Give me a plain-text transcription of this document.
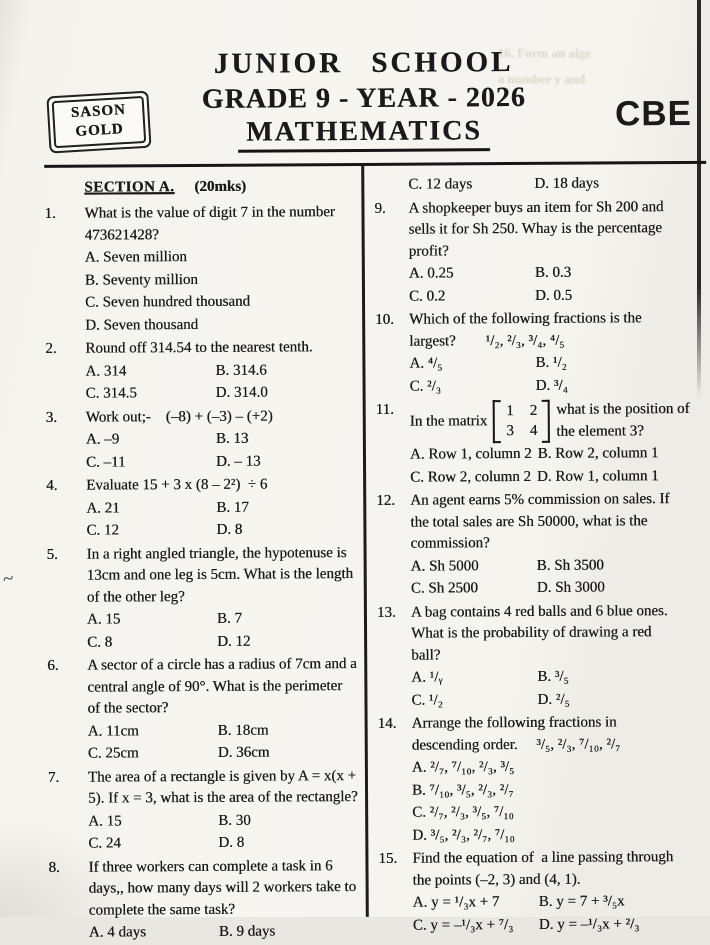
~
16. Form an alge
a number y and
SASON
GOLD
JUNIOR SCHOOL
GRADE 9 - YEAR - 2026
MATHEMATICS	CBE
SECTION A. (20mks)
1.	What is the value of digit 7 in the number
473621428?
A. Seven million
B. Seventy million
C. Seven hundred thousand
D. Seven thousand
2.	Round off 314.54 to the nearest tenth.
A. 314	B. 314.6
C. 314.5	D. 314.0
3.	Work out;-    (–8) + (–3) – (+2)
A. –9	B. 13
C. –11	D. – 13
4.	Evaluate 15 + 3 x (8 – 2²)  ÷ 6
A. 21	B. 17
C. 12	D. 8
5.	In a right angled triangle, the hypotenuse is
13cm and one leg is 5cm. What is the length
of the other leg?
A. 15	B. 7
C. 8	D. 12
6.	A sector of a circle has a radius of 7cm and a
central angle of 90°. What is the perimeter
of the sector?
A. 11cm	B. 18cm
C. 25cm	D. 36cm
7.	The area of a rectangle is given by A = x(x +
5). If x = 3, what is the area of the rectangle?
A. 15	B. 30
C. 24	D. 8
8.	If three workers can complete a task in 6
days,, how many days will 2 workers take to
complete the same task?
A. 4 days	B. 9 days
C. 12 days	D. 18 days
9.	A shopkeeper buys an item for Sh 200 and
sells it for Sh 250. Whay is the percentage
profit?
A. 0.25	B. 0.3
C. 0.2	D. 0.5
10.	Which of the following fractions is the
largest?        ¹/₂, ²/₃, ³/₄, ⁴/₅
A. ⁴/₅	B. ¹/₂
C. ²/₃	D. ³/₄
11.
In the matrix
1 2
3 4
what is the position of
the element 3?
A. Row 1, column 2 B. Row 2, column 1
C. Row 2, column 2 D. Row 1, column 1
12.	An agent earns 5% commission on sales. If
the total sales are Sh 50000, what is the
commission?
A. Sh 5000	B. Sh 3500
C. Sh 2500	D. Sh 3000
13.	A bag contains 4 red balls and 6 blue ones.
What is the probability of drawing a red
ball?
A. ¹/ᵧ	B. ³/₅
C. ¹/₂	D. ²/₅
14.	Arrange the following fractions in
descending order.     ³/₅, ²/₃, ⁷/₁₀, ²/₇
A. ²/₇, ⁷/₁₀, ²/₃, ³/₅
B. ⁷/₁₀, ³/₅, ²/₃, ²/₇
C. ²/₇, ²/₃, ³/₅, ⁷/₁₀
D. ³/₅, ²/₃, ²/₇, ⁷/₁₀
15.	Find the equation of  a line passing through
the points (–2, 3) and (4, 1).
A. y = ¹/₃x + 7	B. y = 7 + ³/₅x
C. y = –¹/₃x + ⁷/₃	D. y = –¹/₃x + ²/₃
